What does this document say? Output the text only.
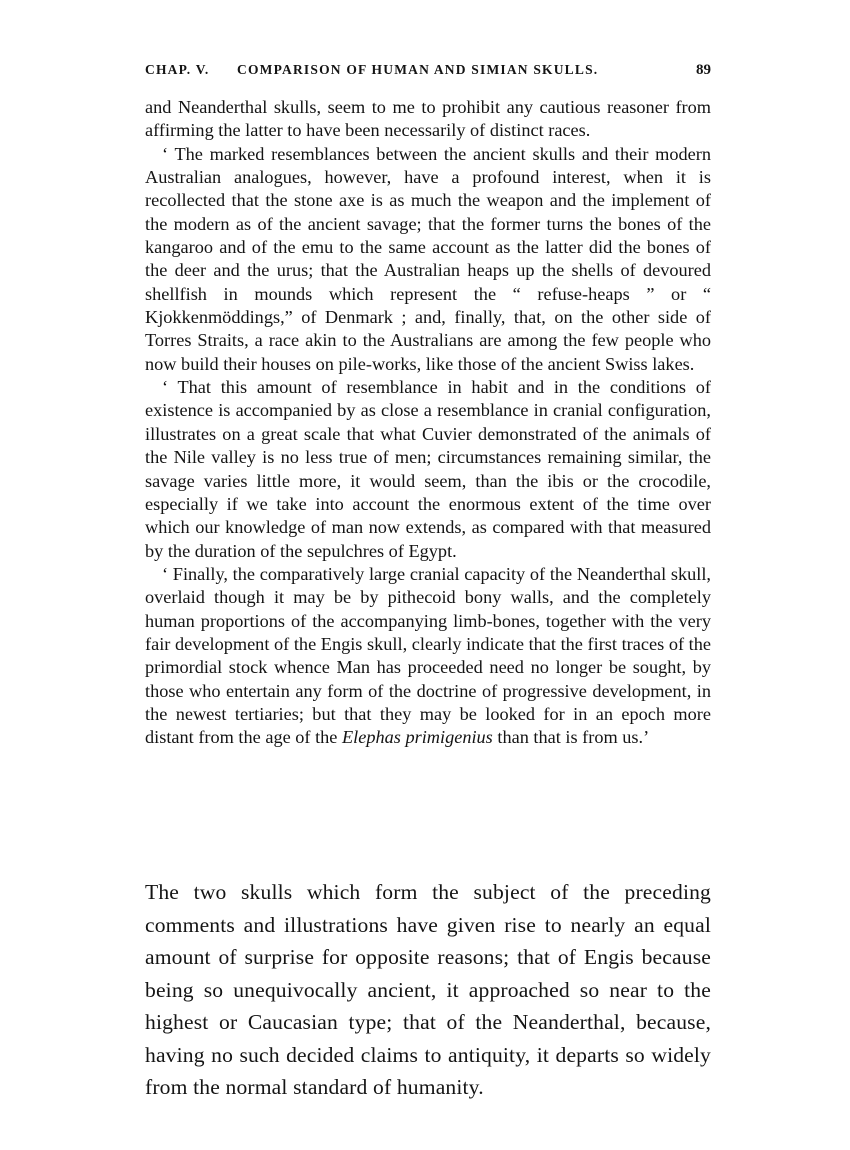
CHAP. V. COMPARISON OF HUMAN AND SIMIAN SKULLS.	89

and Neanderthal skulls, seem to me to prohibit any cautious reasoner from affirming the latter to have been necessarily of distinct races.

‘ The marked resemblances between the ancient skulls and their modern Australian analogues, however, have a profound interest, when it is recollected that the stone axe is as much the weapon and the implement of the modern as of the ancient savage; that the former turns the bones of the kangaroo and of the emu to the same account as the latter did the bones of the deer and the urus; that the Australian heaps up the shells of devoured shellfish in mounds which represent the “ refuse-heaps ” or “ Kjokkenmöddings,” of Denmark ; and, finally, that, on the other side of Torres Straits, a race akin to the Australians are among the few people who now build their houses on pile-works, like those of the ancient Swiss lakes.

‘ That this amount of resemblance in habit and in the conditions of existence is accompanied by as close a resemblance in cranial configuration, illustrates on a great scale that what Cuvier demonstrated of the animals of the Nile valley is no less true of men; circumstances remaining similar, the savage varies little more, it would seem, than the ibis or the crocodile, especially if we take into account the enormous extent of the time over which our knowledge of man now extends, as compared with that measured by the duration of the sepulchres of Egypt.

‘ Finally, the comparatively large cranial capacity of the Neanderthal skull, overlaid though it may be by pithecoid bony walls, and the completely human proportions of the accompanying limb-bones, together with the very fair development of the Engis skull, clearly indicate that the first traces of the primordial stock whence Man has proceeded need no longer be sought, by those who entertain any form of the doctrine of progressive development, in the newest tertiaries; but that they may be looked for in an epoch more distant from the age of the Elephas primigenius than that is from us.’

The two skulls which form the subject of the preceding comments and illustrations have given rise to nearly an equal amount of surprise for opposite reasons; that of Engis because being so unequivocally ancient, it approached so near to the highest or Caucasian type; that of the Neanderthal, because, having no such decided claims to antiquity, it departs so widely from the normal standard of humanity.
